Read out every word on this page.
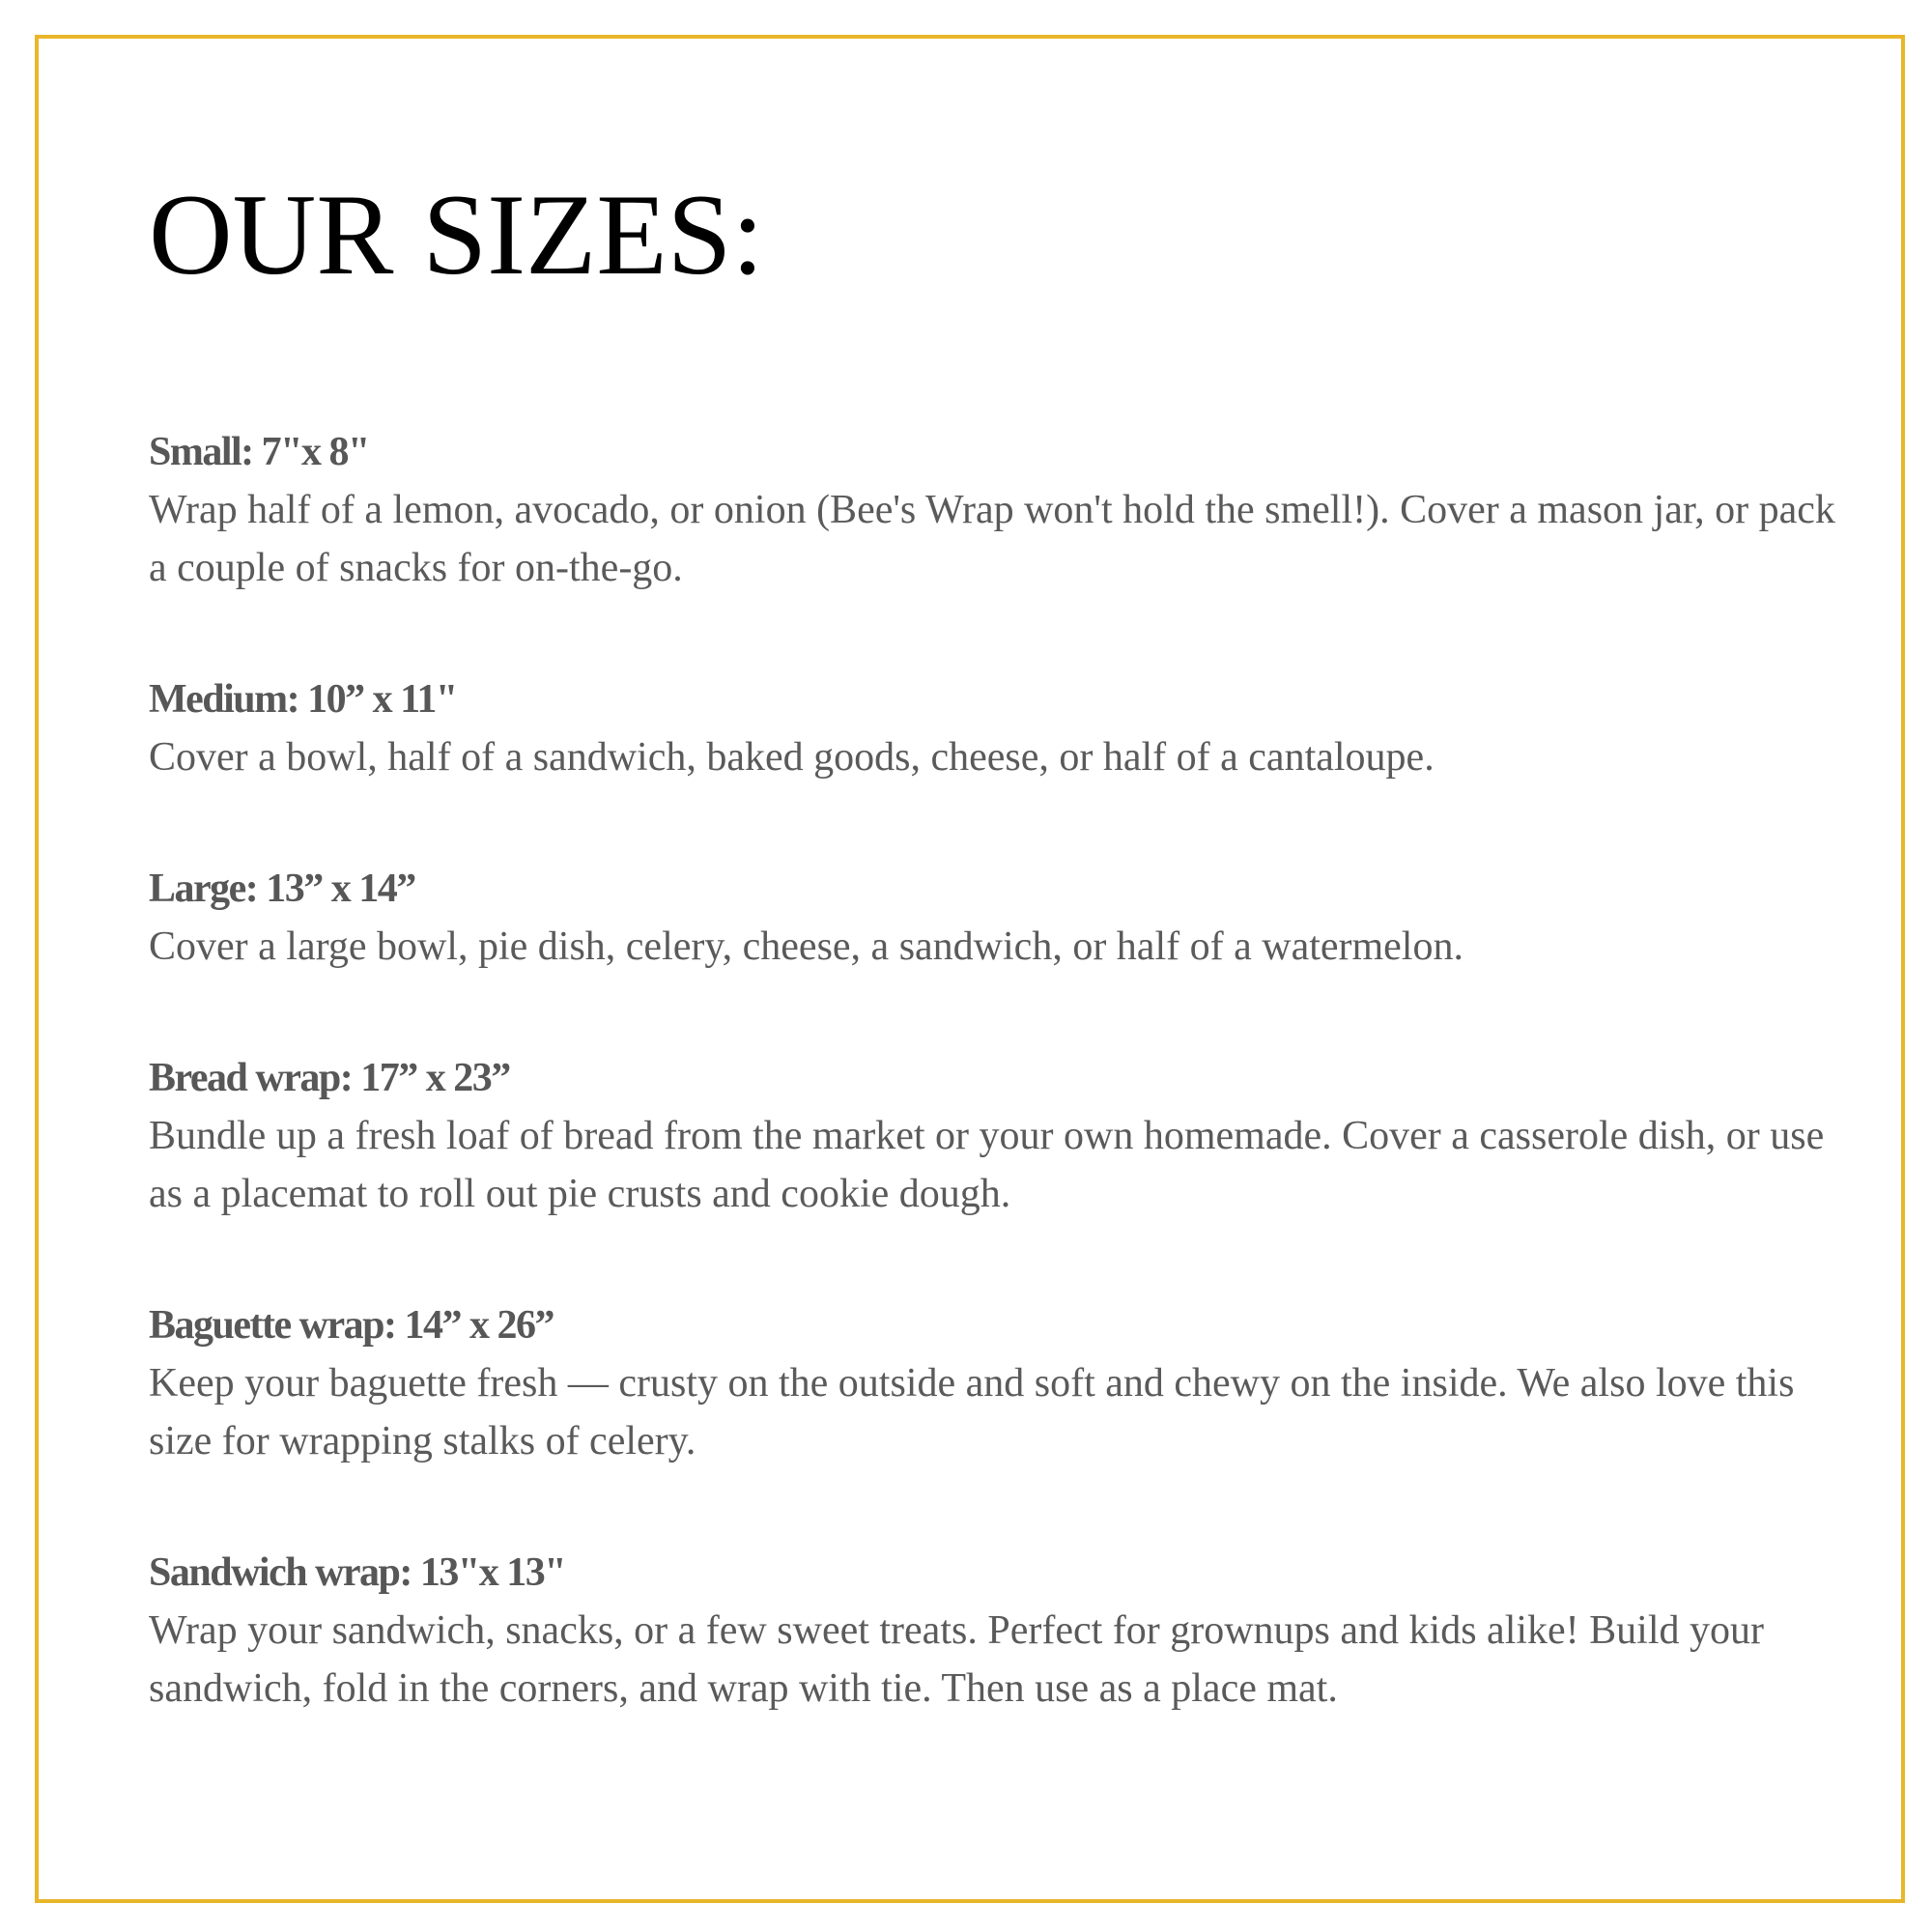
OUR SIZES:
Small: 7"x 8"
Wrap half of a lemon, avocado, or onion (Bee's Wrap won't hold the smell!). Cover a mason jar, or pack a couple of snacks for on-the-go.
Medium: 10” x 11"
Cover a bowl, half of a sandwich, baked goods, cheese, or half of a cantaloupe.
Large: 13” x 14”
Cover a large bowl, pie dish, celery, cheese, a sandwich, or half of a watermelon.
Bread wrap: 17” x 23”
Bundle up a fresh loaf of bread from the market or your own homemade. Cover a casserole dish, or use as a placemat to roll out pie crusts and cookie dough.
Baguette wrap: 14” x 26”
Keep your baguette fresh — crusty on the outside and soft and chewy on the inside. We also love this size for wrapping stalks of celery.
Sandwich wrap: 13"x 13"
Wrap your sandwich, snacks, or a few sweet treats. Perfect for grownups and kids alike! Build your sandwich, fold in the corners, and wrap with tie. Then use as a place mat.
